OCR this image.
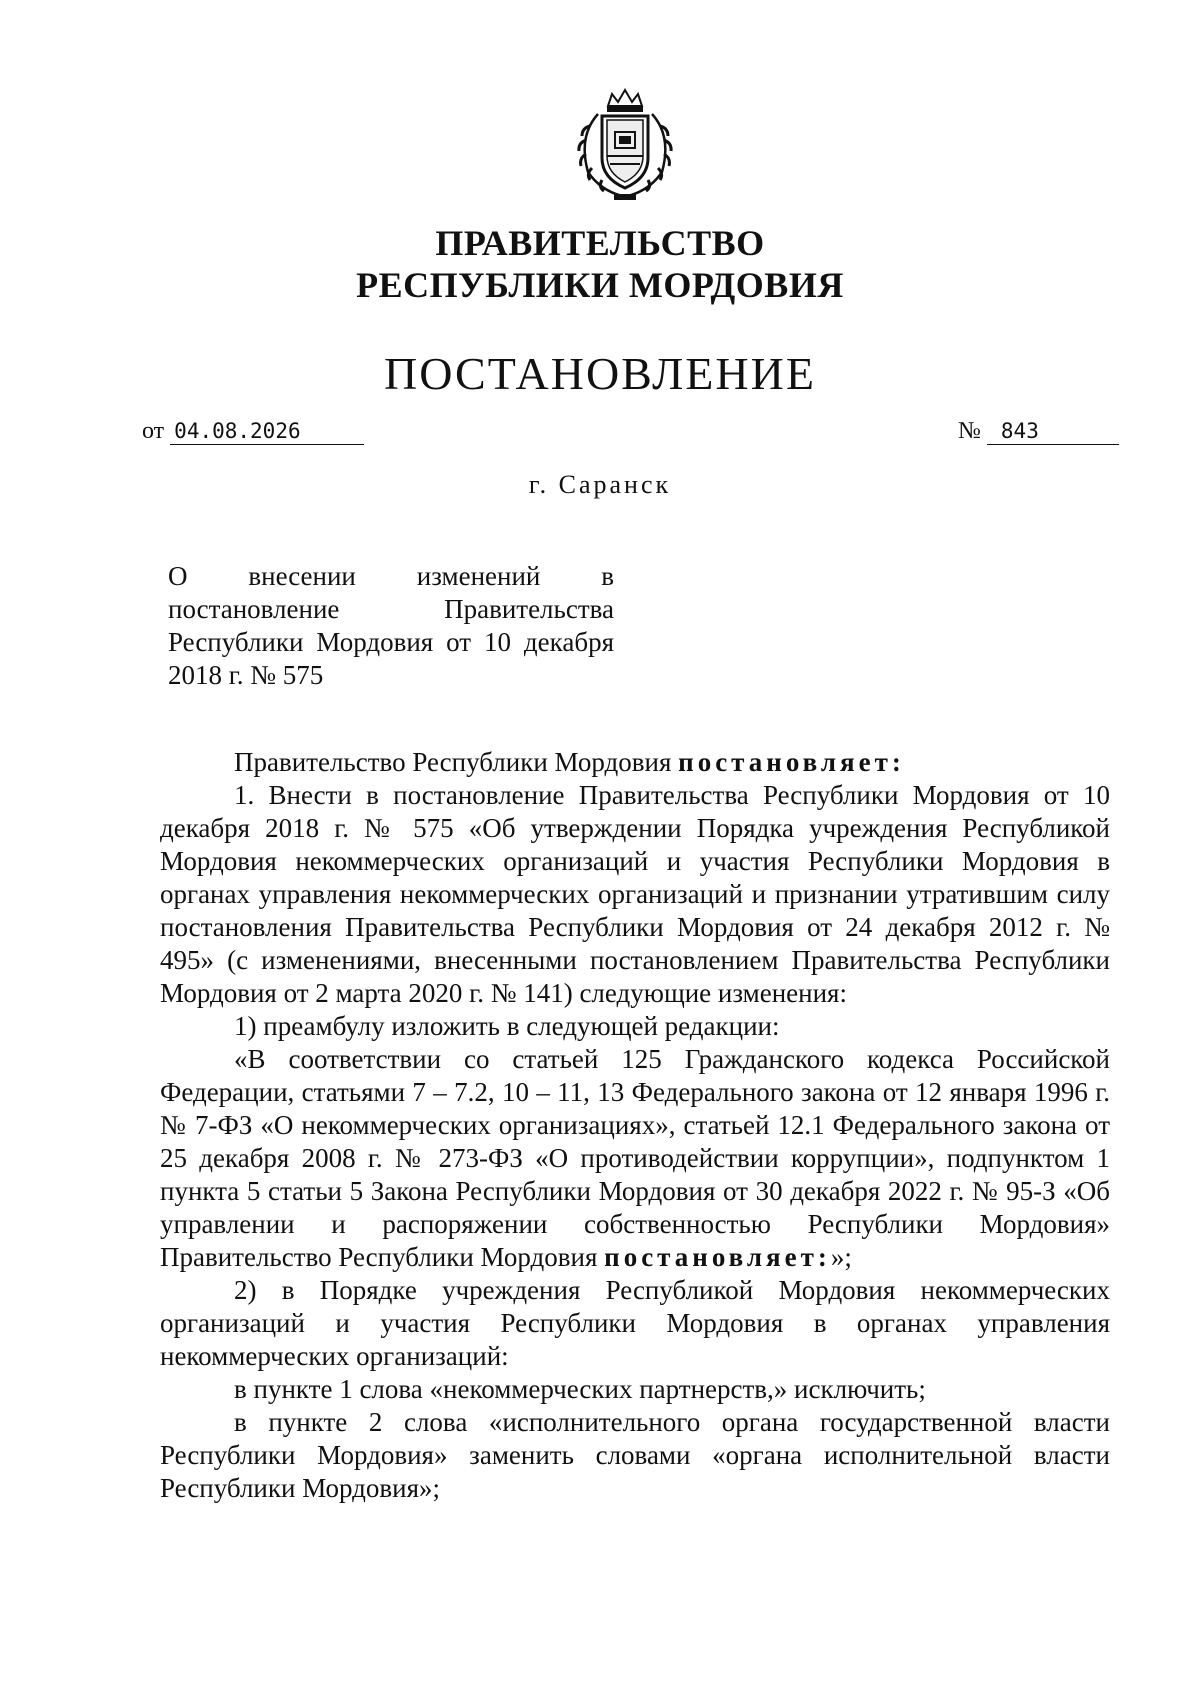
ПРАВИТЕЛЬСТВО
РЕСПУБЛИКИ МОРДОВИЯ
ПОСТАНОВЛЕНИЕ
от 04.08.2026	№ 843
г. Саранск
О внесении изменений в постановление Правительства Республики Мордовия от 10 декабря
2018 г. № 575

Правительство Республики Мордовия постановляет:

1. Внести в постановление Правительства Республики Мордовия от 10 декабря 2018 г. № 575 «Об утверждении Порядка учреждения Республикой Мордовия некоммерческих организаций и участия Республики Мордовия в органах управления некоммерческих организаций и признании утратившим силу постановления Правительства Республики Мордовия от 24 декабря 2012 г. № 495» (с изменениями, внесенными постановлением Правительства Республики Мордовия от 2 марта 2020 г. № 141) следующие изменения:

1) преамбулу изложить в следующей редакции:

«В соответствии со статьей 125 Гражданского кодекса Российской Федерации, статьями 7 – 7.2, 10 – 11, 13 Федерального закона от 12 января 1996 г. № 7-ФЗ «О некоммерческих организациях», статьей 12.1 Федерального закона от 25 декабря 2008 г. № 273-ФЗ «О противодействии коррупции», подпунктом 1 пункта 5 статьи 5 Закона Республики Мордовия от 30 декабря 2022 г. № 95-З «Об управлении и распоряжении собственностью Республики Мордовия» Правительство Республики Мордовия постановляет:»;

2) в Порядке учреждения Республикой Мордовия некоммерческих организаций и участия Республики Мордовия в органах управления некоммерческих организаций:

в пункте 1 слова «некоммерческих партнерств,» исключить;

в пункте 2 слова «исполнительного органа государственной власти Республики Мордовия» заменить словами «органа исполнительной власти Республики Мордовия»;
